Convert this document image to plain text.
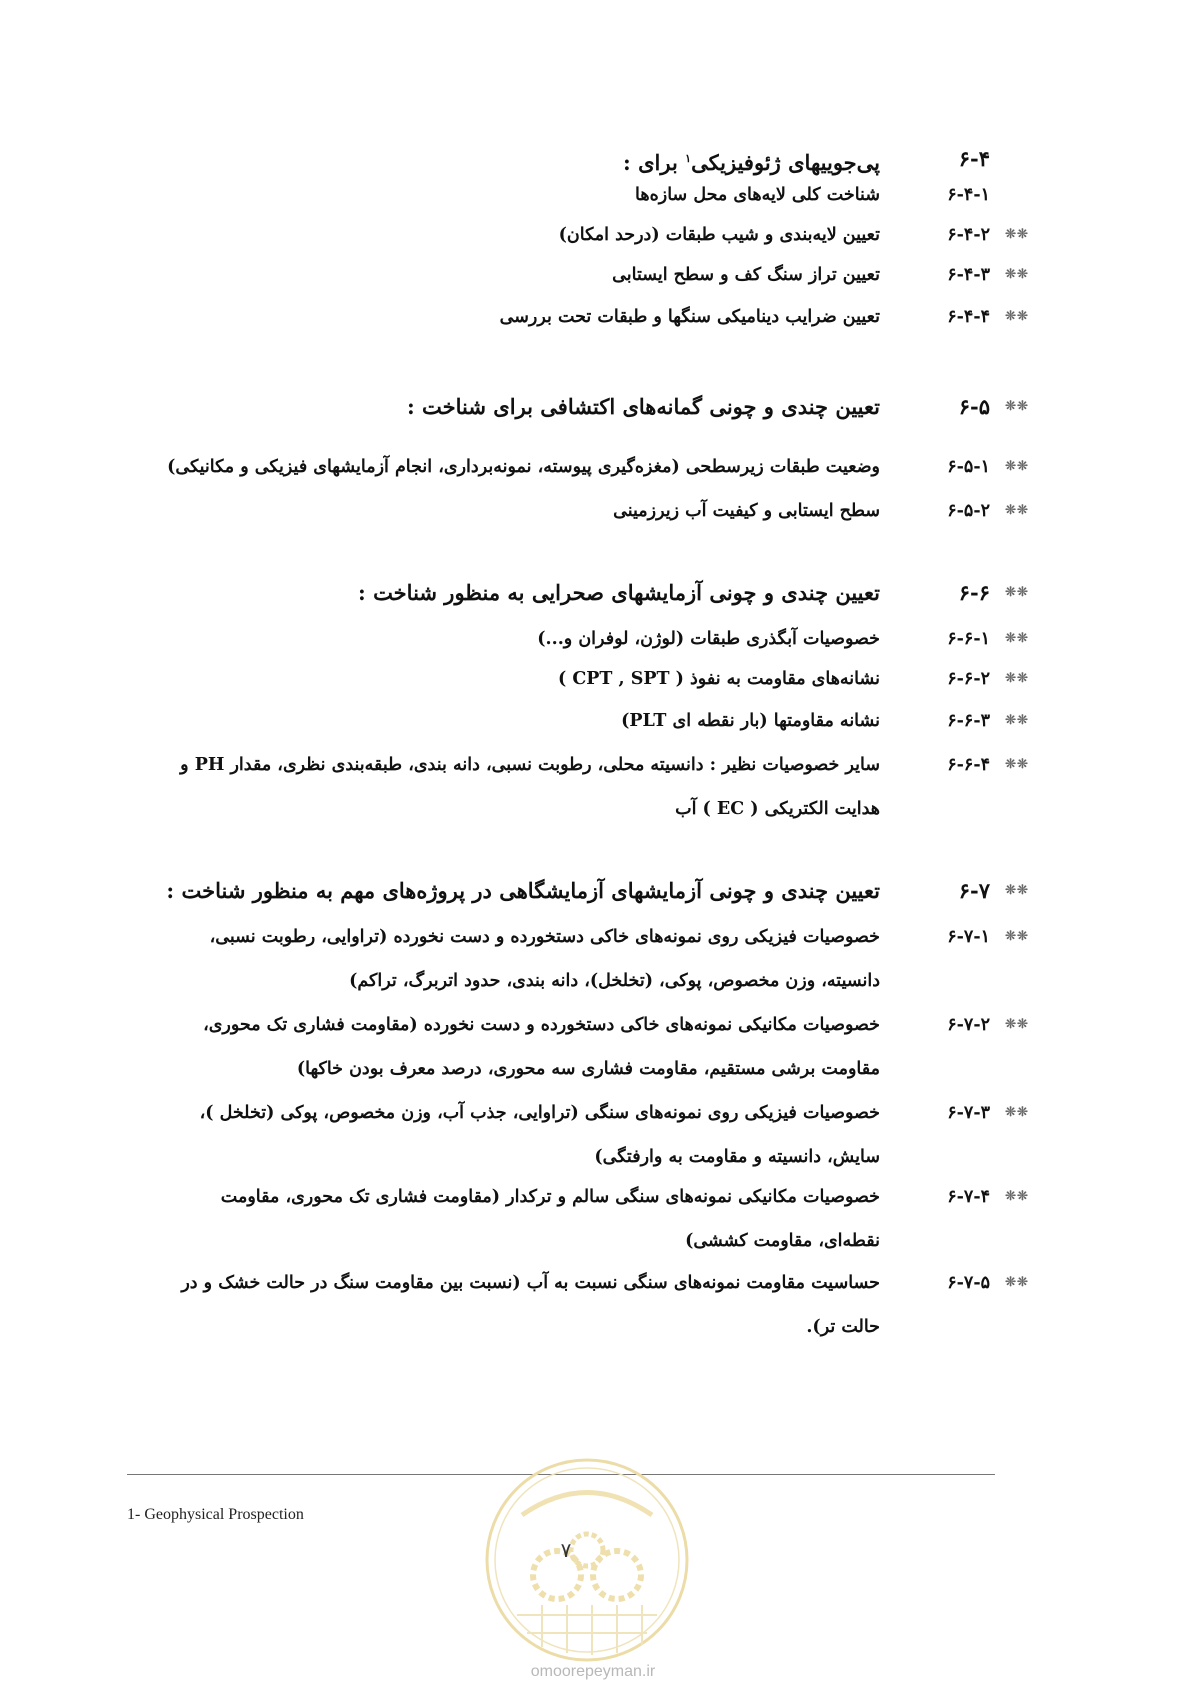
۶-۴
پی‌جوییهای ژئوفیزیکی$^۱$ برای :
۶-۴-۱
شناخت کلی لایه‌های محل سازه‌ها
❊❊
۶-۴-۲
تعیین لایه‌بندی و شیب طبقات (درحد امکان)
❊❊
۶-۴-۳
تعیین تراز سنگ کف و سطح ایستابی
❊❊
۶-۴-۴
تعیین ضرایب دینامیکی سنگها و طبقات تحت بررسی
❊❊
۶-۵
تعیین چندی و چونی گمانه‌های اکتشافی برای شناخت :
❊❊
۶-۵-۱
وضعیت طبقات زیرسطحی (مغزه‌گیری پیوسته، نمونه‌برداری، انجام آزمایشهای فیزیکی و مکانیکی)
❊❊
۶-۵-۲
سطح ایستابی و کیفیت آب زیرزمینی
❊❊
۶-۶
تعیین چندی و چونی آزمایشهای صحرایی به منظور شناخت :
❊❊
۶-۶-۱
خصوصیات آبگذری طبقات (لوژن، لوفران و...)
❊❊
۶-۶-۲
نشانه‌های مقاومت به نفوذ ( CPT , SPT )
❊❊
۶-۶-۳
نشانه مقاومتها (بار نقطه ای PLT)
❊❊
۶-۶-۴
سایر خصوصیات نظیر : دانسیته محلی، رطوبت نسبی، دانه بندی، طبقه‌بندی نظری، مقدار PH و
هدایت الکتریکی ( EC ) آب
❊❊
۶-۷
تعیین چندی و چونی آزمایشهای آزمایشگاهی در پروژه‌های مهم به منظور شناخت :
❊❊
۶-۷-۱
خصوصیات فیزیکی روی نمونه‌های خاکی دستخورده و دست نخورده (تراوایی، رطوبت نسبی،
دانسیته، وزن مخصوص، پوکی، (تخلخل)، دانه بندی، حدود اتربرگ، تراکم)
❊❊
۶-۷-۲
خصوصیات مکانیکی نمونه‌های خاکی دستخورده و دست نخورده (مقاومت فشاری تک محوری،
مقاومت برشی مستقیم، مقاومت فشاری سه محوری، درصد معرف بودن خاکها)
❊❊
۶-۷-۳
خصوصیات فیزیکی روی نمونه‌های سنگی (تراوایی، جذب آب، وزن مخصوص، پوکی (تخلخل )،
سایش، دانسیته و مقاومت به وارفتگی)
❊❊
۶-۷-۴
خصوصیات مکانیکی نمونه‌های سنگی سالم و ترکدار (مقاومت فشاری تک محوری، مقاومت
نقطه‌ای، مقاومت کششی)
❊❊
۶-۷-۵
حساسیت مقاومت نمونه‌های سنگی نسبت به آب (نسبت بین مقاومت سنگ در حالت خشک و در
حالت تر).
1- Geophysical Prospection
۷
omoorepeyman.ir
